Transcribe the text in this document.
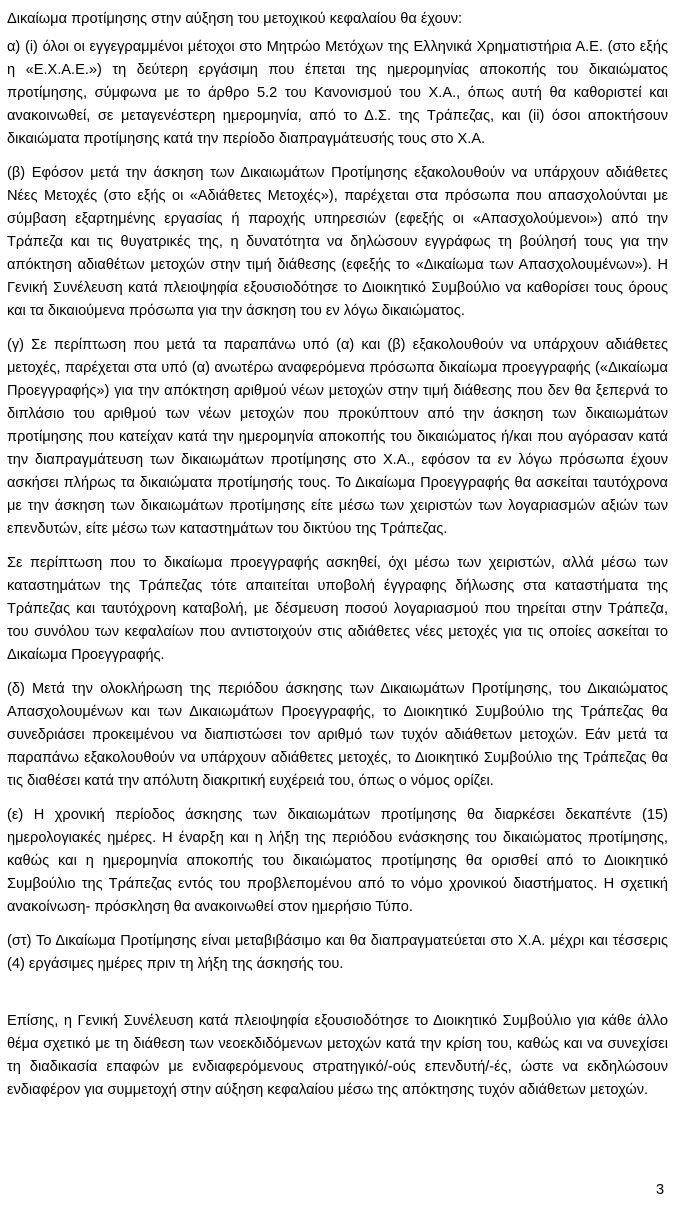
Δικαίωμα προτίμησης στην αύξηση του μετοχικού κεφαλαίου θα έχουν:

α) (i) όλοι οι εγγεγραμμένοι μέτοχοι στο Μητρώο Μετόχων της Ελληνικά Χρηματιστήρια Α.Ε. (στο εξής η «Ε.Χ.Α.Ε.») τη δεύτερη εργάσιμη που έπεται της ημερομηνίας αποκοπής του δικαιώματος προτίμησης, σύμφωνα με το άρθρο 5.2 του Κανονισμού του Χ.Α., όπως αυτή θα καθοριστεί και ανακοινωθεί, σε μεταγενέστερη ημερομηνία, από το Δ.Σ. της Τράπεζας, και (ii) όσοι αποκτήσουν δικαιώματα προτίμησης κατά την περίοδο διαπραγμάτευσής τους στο Χ.Α.

(β) Εφόσον μετά την άσκηση των Δικαιωμάτων Προτίμησης εξακολουθούν να υπάρχουν αδιάθετες Νέες Μετοχές (στο εξής οι «Αδιάθετες Μετοχές»), παρέχεται στα πρόσωπα που απασχολούνται με σύμβαση εξαρτημένης εργασίας ή παροχής υπηρεσιών (εφεξής οι «Απασχολούμενοι») από την Τράπεζα και τις θυγατρικές της, η δυνατότητα να δηλώσουν εγγράφως τη βούλησή τους για την απόκτηση αδιαθέτων μετοχών στην τιμή διάθεσης (εφεξής το «Δικαίωμα των Απασχολουμένων»). Η Γενική Συνέλευση κατά πλειοψηφία εξουσιοδότησε το Διοικητικό Συμβούλιο να καθορίσει τους όρους και τα δικαιούμενα πρόσωπα για την άσκηση του εν λόγω δικαιώματος.

(γ) Σε περίπτωση που μετά τα παραπάνω υπό (α) και (β) εξακολουθούν να υπάρχουν αδιάθετες μετοχές, παρέχεται στα υπό (α) ανωτέρω αναφερόμενα πρόσωπα δικαίωμα προεγγραφής («Δικαίωμα Προεγγραφής») για την απόκτηση αριθμού νέων μετοχών στην τιμή διάθεσης που δεν θα ξεπερνά το διπλάσιο του αριθμού των νέων μετοχών που προκύπτουν από την άσκηση των δικαιωμάτων προτίμησης που κατείχαν κατά την ημερομηνία αποκοπής του δικαιώματος ή/και που αγόρασαν κατά την διαπραγμάτευση των δικαιωμάτων προτίμησης στο Χ.Α., εφόσον τα εν λόγω πρόσωπα έχουν ασκήσει πλήρως τα δικαιώματα προτίμησής τους. Το Δικαίωμα Προεγγραφής θα ασκείται ταυτόχρονα με την άσκηση των δικαιωμάτων προτίμησης είτε μέσω των χειριστών των λογαριασμών αξιών των επενδυτών, είτε μέσω των καταστημάτων του δικτύου της Τράπεζας.

Σε περίπτωση που το δικαίωμα προεγγραφής ασκηθεί, όχι μέσω των χειριστών, αλλά μέσω των καταστημάτων της Τράπεζας τότε απαιτείται υποβολή έγγραφης δήλωσης στα καταστήματα της Τράπεζας και ταυτόχρονη καταβολή, με δέσμευση ποσού λογαριασμού που τηρείται στην Τράπεζα, του συνόλου των κεφαλαίων που αντιστοιχούν στις αδιάθετες νέες μετοχές για τις οποίες ασκείται το Δικαίωμα Προεγγραφής.

(δ) Μετά την ολοκλήρωση της περιόδου άσκησης των Δικαιωμάτων Προτίμησης, του Δικαιώματος Απασχολουμένων και των Δικαιωμάτων Προεγγραφής, το Διοικητικό Συμβούλιο της Τράπεζας θα συνεδριάσει προκειμένου να διαπιστώσει τον αριθμό των τυχόν αδιάθετων μετοχών. Εάν μετά τα παραπάνω εξακολουθούν να υπάρχουν αδιάθετες μετοχές, το Διοικητικό Συμβούλιο της Τράπεζας θα τις διαθέσει κατά την απόλυτη διακριτική ευχέρειά του, όπως ο νόμος ορίζει.

(ε) Η χρονική περίοδος άσκησης των δικαιωμάτων προτίμησης θα διαρκέσει δεκαπέντε (15) ημερολογιακές ημέρες. Η έναρξη και η λήξη της περιόδου ενάσκησης του δικαιώματος προτίμησης, καθώς και η ημερομηνία αποκοπής του δικαιώματος προτίμησης θα ορισθεί από το Διοικητικό Συμβούλιο της Τράπεζας εντός του προβλεπομένου από το νόμο χρονικού διαστήματος. Η σχετική ανακοίνωση- πρόσκληση θα ανακοινωθεί στον ημερήσιο Τύπο.

(στ) Το Δικαίωμα Προτίμησης είναι μεταβιβάσιμο και θα διαπραγματεύεται στο Χ.Α. μέχρι και τέσσερις (4) εργάσιμες ημέρες πριν τη λήξη της άσκησής του.

Επίσης, η Γενική Συνέλευση κατά πλειοψηφία εξουσιοδότησε το Διοικητικό Συμβούλιο για κάθε άλλο θέμα σχετικό με τη διάθεση των νεοεκδιδόμενων μετοχών κατά την κρίση του, καθώς και να συνεχίσει τη διαδικασία επαφών με ενδιαφερόμενους στρατηγικό/-ούς επενδυτή/-ές, ώστε να εκδηλώσουν ενδιαφέρον για συμμετοχή στην αύξηση κεφαλαίου μέσω της απόκτησης τυχόν αδιάθετων μετοχών.

3
